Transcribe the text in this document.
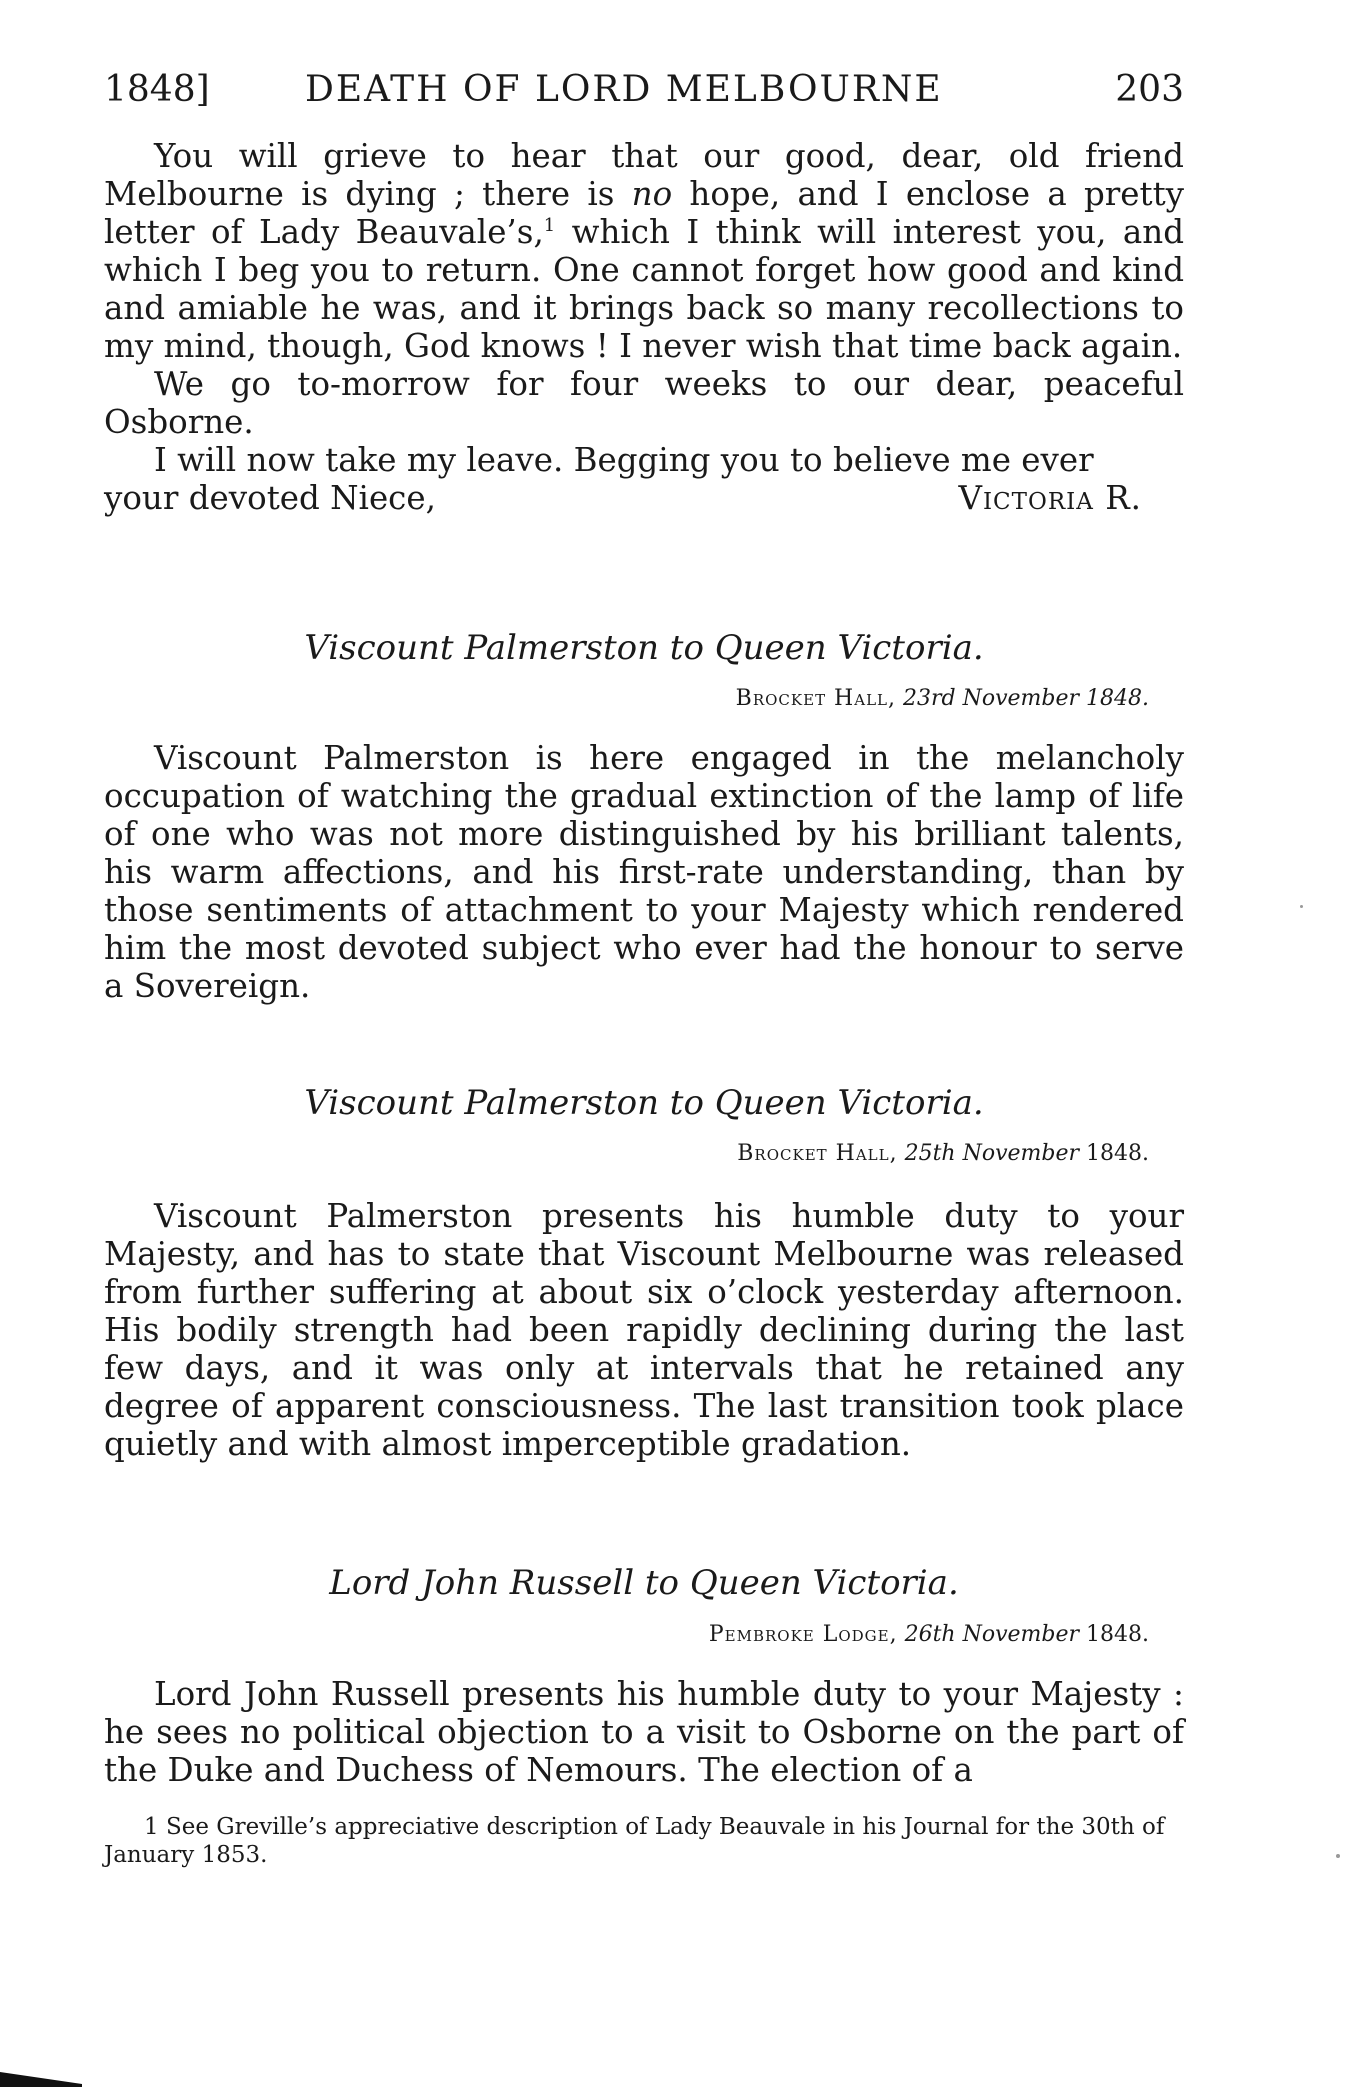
1848]	DEATH OF LORD MELBOURNE	203

You will grieve to hear that our good, dear, old friend Melbourne is dying ; there is no hope, and I enclose a pretty letter of Lady Beauvale’s,$^1$ which I think will interest you, and which I beg you to return. One cannot forget how good and kind and amiable he was, and it brings back so many recollections to my mind, though, God knows ! I never wish that time back again.

We go to-morrow for four weeks to our dear, peaceful Osborne.

I will now take my leave. Begging you to believe me ever

your devoted Niece,	Victoria R.
Viscount Palmerston to Queen Victoria.
Brocket Hall, 23rd November 1848.

Viscount Palmerston is here engaged in the melancholy occupation of watching the gradual extinction of the lamp of life of one who was not more distinguished by his brilliant talents, his warm affections, and his first-rate understanding, than by those sentiments of attachment to your Majesty which rendered him the most devoted subject who ever had the honour to serve a Sovereign.

Viscount Palmerston to Queen Victoria.
Brocket Hall, 25th November 1848.

Viscount Palmerston presents his humble duty to your Majesty, and has to state that Viscount Melbourne was released from further suffering at about six o’clock yesterday afternoon. His bodily strength had been rapidly declining during the last few days, and it was only at intervals that he retained any degree of apparent consciousness. The last transition took place quietly and with almost imperceptible gradation.

Lord John Russell to Queen Victoria.
Pembroke Lodge, 26th November 1848.

Lord John Russell presents his humble duty to your Majesty : he sees no political objection to a visit to Osborne on the part of the Duke and Duchess of Nemours. The election of a

1 See Greville’s appreciative description of Lady Beauvale in his Journal for the 30th of January 1853.
